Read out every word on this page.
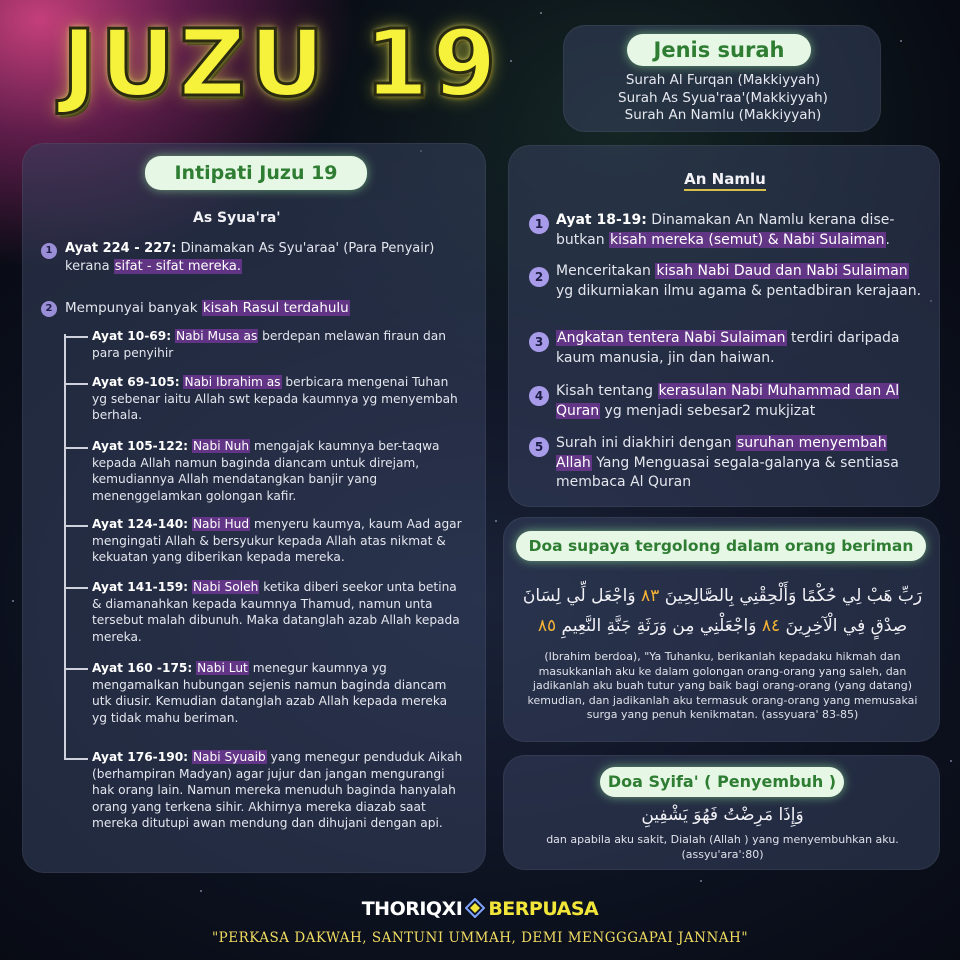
JUZU 19	Jenis surah
Surah Al Furqan (Makkiyyah)
Surah As Syua'raa'(Makkiyyah)
Surah An Namlu (Makkiyyah)
Intipati Juzu 19
As Syua'ra'
1 Ayat 224 - 227: Dinamakan As Syu'araa' (Para Penyair) kerana sifat - sifat mereka.
2 Mempunyai banyak kisah Rasul terdahulu
Ayat 10-69: Nabi Musa as berdepan melawan firaun dan para penyihir
Ayat 69-105: Nabi Ibrahim as berbicara mengenai Tuhan yg sebenar iaitu Allah swt kepada kaumnya yg menyembah berhala.
Ayat 105-122: Nabi Nuh mengajak kaumnya ber-taqwa kepada Allah namun baginda diancam untuk direjam, kemudiannya Allah mendatangkan banjir yang menenggelamkan golongan kafir.
Ayat 124-140: Nabi Hud menyeru kaumya, kaum Aad agar mengingati Allah & bersyukur kepada Allah atas nikmat & kekuatan yang diberikan kepada mereka.
Ayat 141-159: Nabi Soleh ketika diberi seekor unta betina & diamanahkan kepada kaumnya Thamud, namun unta tersebut malah dibunuh. Maka datanglah azab Allah kepada mereka.
Ayat 160 -175: Nabi Lut menegur kaumnya yg mengamalkan hubungan sejenis namun baginda diancam utk diusir. Kemudian datanglah azab Allah kepada mereka yg tidak mahu beriman.
Ayat 176-190: Nabi Syuaib yang menegur penduduk Aikah (berhampiran Madyan) agar jujur dan jangan mengurangi hak orang lain. Namun mereka menuduh baginda hanyalah orang yang terkena sihir. Akhirnya mereka diazab saat mereka ditutupi awan mendung dan dihujani dengan api.
An Namlu
1 Ayat 18-19: Dinamakan An Namlu kerana dise-butkan kisah mereka (semut) & Nabi Sulaiman.
2 Menceritakan kisah Nabi Daud dan Nabi Sulaiman yg dikurniakan ilmu agama & pentadbiran kerajaan.
3 Angkatan tentera Nabi Sulaiman terdiri daripada kaum manusia, jin dan haiwan.
4 Kisah tentang kerasulan Nabi Muhammad dan Al Quran yg menjadi sebesar2 mukjizat
5 Surah ini diakhiri dengan suruhan menyembah Allah Yang Menguasai segala-galanya & sentiasa membaca Al Quran
Doa supaya tergolong dalam orang beriman
رَبِّ هَبْ لِي حُكْمًا وَأَلْحِقْنِي بِالصَّالِحِينَ ٨٣ وَاجْعَل لِّي لِسَانَ
صِدْقٍ فِي الْآخِرِينَ ٨٤ وَاجْعَلْنِي مِن وَرَثَةِ جَنَّةِ النَّعِيمِ ٨٥
(Ibrahim berdoa), "Ya Tuhanku, berikanlah kepadaku hikmah dan masukkanlah aku ke dalam golongan orang-orang yang saleh, dan jadikanlah aku buah tutur yang baik bagi orang-orang (yang datang) kemudian, dan jadikanlah aku termasuk orang-orang yang memusakai surga yang penuh kenikmatan. (assyuara' 83-85)
Doa Syifa' ( Penyembuh )
وَإِذَا مَرِضْتُ فَهُوَ يَشْفِينِ
dan apabila aku sakit, Dialah (Allah ) yang menyembuhkan aku. (assyu'ara':80)
THORIQXI BERPUASA
"PERKASA DAKWAH, SANTUNI UMMAH, DEMI MENGGGAPAI JANNAH"
